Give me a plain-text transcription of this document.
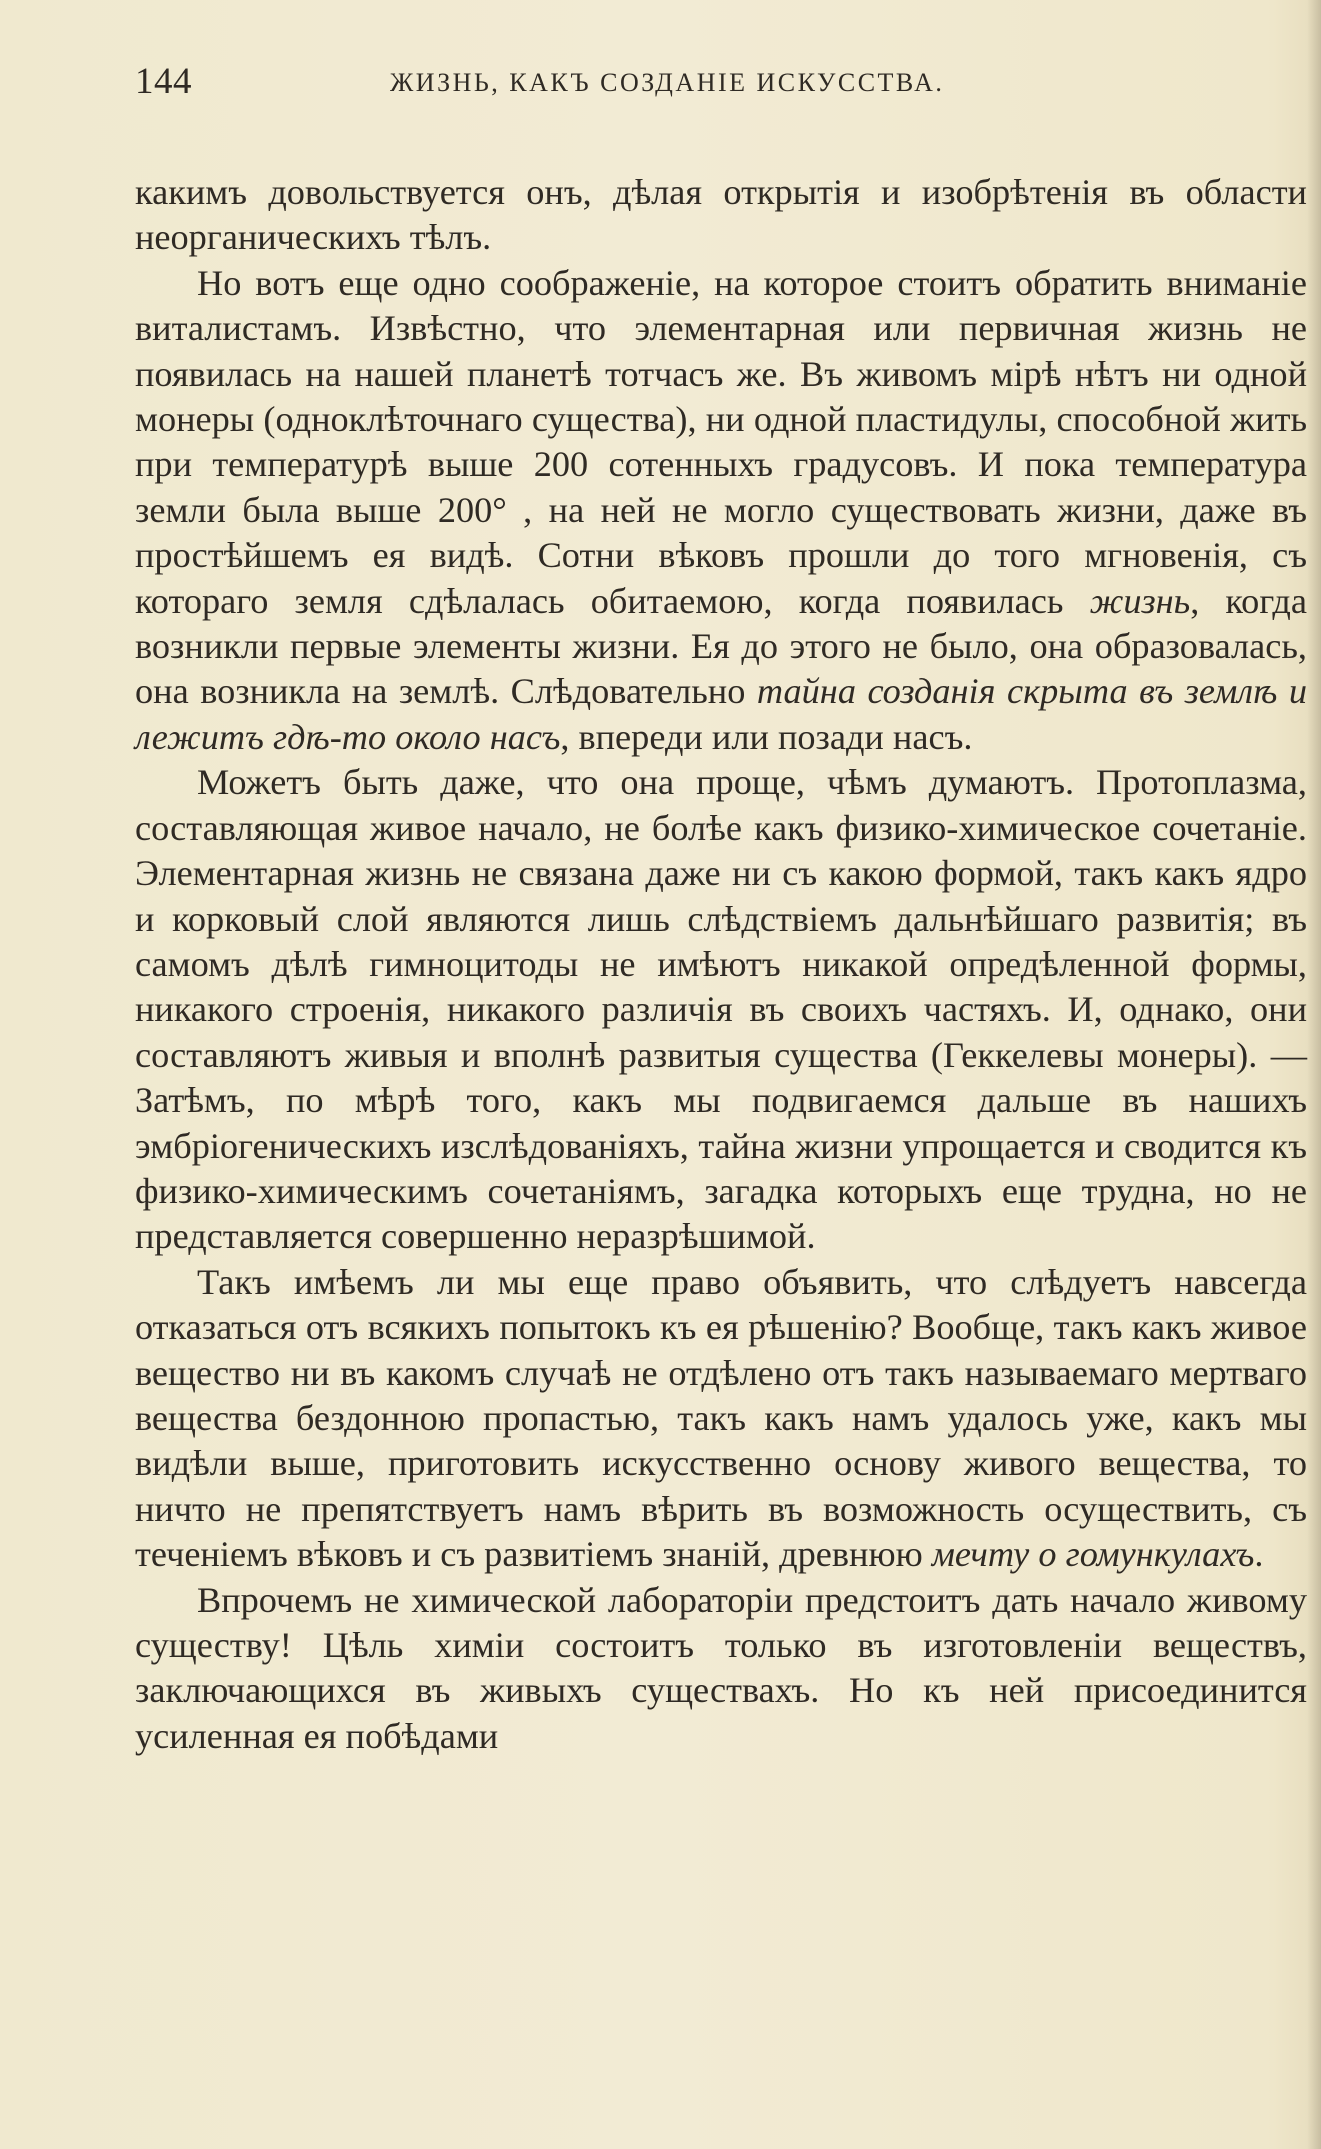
144	ЖИЗНЬ, КАКЪ СОЗДАНІЕ ИСКУССТВА.

какимъ довольствуется онъ, дѣлая открытія и изобрѣтенія въ области неорганическихъ тѣлъ.

Но вотъ еще одно соображеніе, на которое стоитъ обратить вниманіе виталистамъ. Извѣстно, что элементарная или первичная жизнь не появилась на нашей планетѣ тотчасъ же. Въ живомъ мірѣ нѣтъ ни одной монеры (одноклѣточнаго существа), ни одной пластидулы, способной жить при температурѣ выше 200 сотенныхъ градусовъ. И пока температура земли была выше 200° , на ней не могло существовать жизни, даже въ простѣйшемъ ея видѣ. Сотни вѣковъ прошли до того мгновенія, съ котораго земля сдѣлалась обитаемою, когда появилась жизнь, когда возникли первые элементы жизни. Ея до этого не было, она образовалась, она возникла на землѣ. Слѣдовательно тайна созданія скрыта въ землѣ и лежитъ гдѣ-то около насъ, впереди или позади насъ.

Можетъ быть даже, что она проще, чѣмъ думаютъ. Протоплазма, составляющая живое начало, не болѣе какъ физико-химическое сочетаніе. Элементарная жизнь не связана даже ни съ какою формой, такъ какъ ядро и корковый слой являются лишь слѣдствіемъ дальнѣйшаго развитія; въ самомъ дѣлѣ гимноцитоды не имѣютъ никакой опредѣленной формы, никакого строенія, никакого различія въ своихъ частяхъ. И, однако, они составляютъ живыя и вполнѣ развитыя существа (Геккелевы монеры). — Затѣмъ, по мѣрѣ того, какъ мы подвигаемся дальше въ нашихъ эмбріогеническихъ изслѣдованіяхъ, тайна жизни упрощается и сводится къ физико-химическимъ сочетаніямъ, загадка которыхъ еще трудна, но не представляется совершенно неразрѣшимой.

Такъ имѣемъ ли мы еще право объявить, что слѣдуетъ навсегда отказаться отъ всякихъ попытокъ къ ея рѣшенію? Вообще, такъ какъ живое вещество ни въ какомъ случаѣ не отдѣлено отъ такъ называемаго мертваго вещества бездонною пропастью, такъ какъ намъ удалось уже, какъ мы видѣли выше, приготовить искусственно основу живого вещества, то ничто не препятствуетъ намъ вѣрить въ возможность осуществить, съ теченіемъ вѣковъ и съ развитіемъ знаній, древнюю мечту о гомункулахъ.

Впрочемъ не химической лабораторіи предстоитъ дать начало живому существу! Цѣль химіи состоитъ только въ изготовленіи веществъ, заключающихся въ живыхъ существахъ. Но къ ней присоединится усиленная ея побѣдами
